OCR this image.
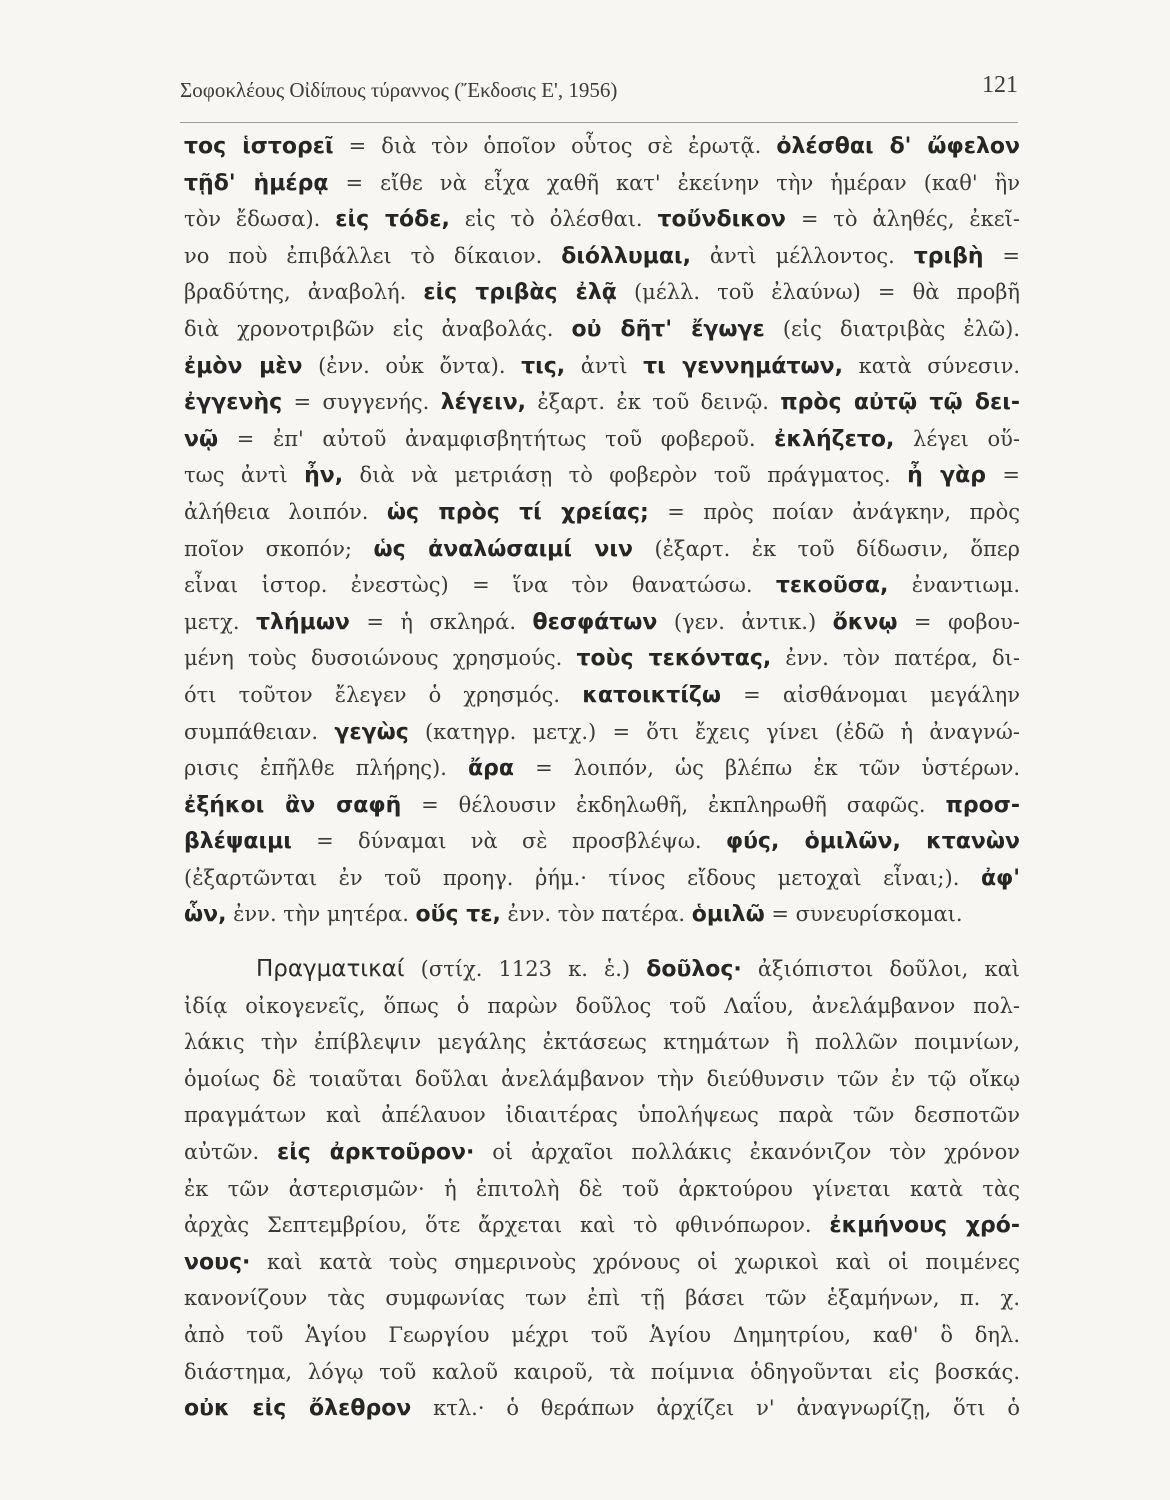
Σοφοκλέους Οἰδίπους τύραννος (Ἔκδοσις Ε', 1956)	121
τος ἱστορεῖ = διὰ τὸν ὁποῖον οὗτος σὲ ἐρωτᾷ. ὀλέσθαι δ' ὤφελον
τῇδ' ἡμέρᾳ = εἴθε νὰ εἶχα χαθῆ κατ' ἐκείνην τὴν ἡμέραν (καθ' ἣν
τὸν ἔδωσα). εἰς τόδε, εἰς τὸ ὀλέσθαι. τοὔνδικον = τὸ ἀληθές, ἐκεῖ-
νο ποὺ ἐπιβάλλει τὸ δίκαιον. διόλλυμαι, ἀντὶ μέλλοντος. τριβὴ =
βραδύτης, ἀναβολή. εἰς τριβὰς ἐλᾷ (μέλλ. τοῦ ἐλαύνω) = θὰ προβῆ
διὰ χρονοτριβῶν εἰς ἀναβολάς. οὐ δῆτ' ἔγωγε (εἰς διατριβὰς ἐλῶ).
ἐμὸν μὲν (ἐνν. οὐκ ὄντα). τις, ἀντὶ τι γεννημάτων, κατὰ σύνεσιν.
ἐγγενὴς = συγγενής. λέγειν, ἐξαρτ. ἐκ τοῦ δεινῷ. πρὸς αὐτῷ τῷ δει-
νῷ = ἐπ' αὐτοῦ ἀναμφισβητήτως τοῦ φοβεροῦ. ἐκλήζετο, λέγει οὕ-
τως ἀντὶ ἦν, διὰ νὰ μετριάσῃ τὸ φοβερὸν τοῦ πράγματος. ἦ γὰρ =
ἀλήθεια λοιπόν. ὡς πρὸς τί χρείας; = πρὸς ποίαν ἀνάγκην, πρὸς
ποῖον σκοπόν; ὡς ἀναλώσαιμί νιν (ἐξαρτ. ἐκ τοῦ δίδωσιν, ὅπερ
εἶναι ἱστορ. ἐνεστὼς) = ἵνα τὸν θανατώσω. τεκοῦσα, ἐναντιωμ.
μετχ. τλήμων = ἡ σκληρά. θεσφάτων (γεν. ἀντικ.) ὄκνῳ = φοβου-
μένη τοὺς δυσοιώνους χρησμούς. τοὺς τεκόντας, ἐνν. τὸν πατέρα, δι-
ότι τοῦτον ἔλεγεν ὁ χρησμός. κατοικτίζω = αἰσθάνομαι μεγάλην
συμπάθειαν. γεγὼς (κατηγρ. μετχ.) = ὅτι ἔχεις γίνει (ἐδῶ ἡ ἀναγνώ-
ρισις ἐπῆλθε πλήρης). ἄρα = λοιπόν, ὡς βλέπω ἐκ τῶν ὑστέρων.
ἐξήκοι ἂν σαφῆ = θέλουσιν ἐκδηλωθῆ, ἐκπληρωθῆ σαφῶς. προσ-
βλέψαιμι = δύναμαι νὰ σὲ προσβλέψω. φύς, ὁμιλῶν, κτανὼν
(ἐξαρτῶνται ἐν τοῦ προηγ. ῥήμ.· τίνος εἴδους μετοχαὶ εἶναι;). ἀφ'
ὧν, ἐνν. τὴν μητέρα. οὕς τε, ἐνν. τὸν πατέρα. ὁμιλῶ = συνευρίσκομαι.
Πραγματικαί (στίχ. 1123 κ. ἑ.) δοῦλος· ἀξιόπιστοι δοῦλοι, καὶ
ἰδίᾳ οἰκογενεῖς, ὅπως ὁ παρὼν δοῦλος τοῦ Λαΐου, ἀνελάμβανον πολ-
λάκις τὴν ἐπίβλεψιν μεγάλης ἐκτάσεως κτημάτων ἢ πολλῶν ποιμνίων,
ὁμοίως δὲ τοιαῦται δοῦλαι ἀνελάμβανον τὴν διεύθυνσιν τῶν ἐν τῷ οἴκῳ
πραγμάτων καὶ ἀπέλαυον ἰδιαιτέρας ὑπολήψεως παρὰ τῶν δεσποτῶν
αὐτῶν. εἰς ἀρκτοῦρον· οἱ ἀρχαῖοι πολλάκις ἐκανόνιζον τὸν χρόνον
ἐκ τῶν ἀστερισμῶν· ἡ ἐπιτολὴ δὲ τοῦ ἀρκτούρου γίνεται κατὰ τὰς
ἀρχὰς Σεπτεμβρίου, ὅτε ἄρχεται καὶ τὸ φθινόπωρον. ἐκμήνους χρό-
νους· καὶ κατὰ τοὺς σημερινοὺς χρόνους οἱ χωρικοὶ καὶ οἱ ποιμένες
κανονίζουν τὰς συμφωνίας των ἐπὶ τῇ βάσει τῶν ἑξαμήνων, π. χ.
ἀπὸ τοῦ Ἁγίου Γεωργίου μέχρι τοῦ Ἁγίου Δημητρίου, καθ' ὃ δηλ.
διάστημα, λόγῳ τοῦ καλοῦ καιροῦ, τὰ ποίμνια ὁδηγοῦνται εἰς βοσκάς.
οὐκ εἰς ὄλεθρον κτλ.· ὁ θεράπων ἀρχίζει ν' ἀναγνωρίζῃ, ὅτι ὁ
